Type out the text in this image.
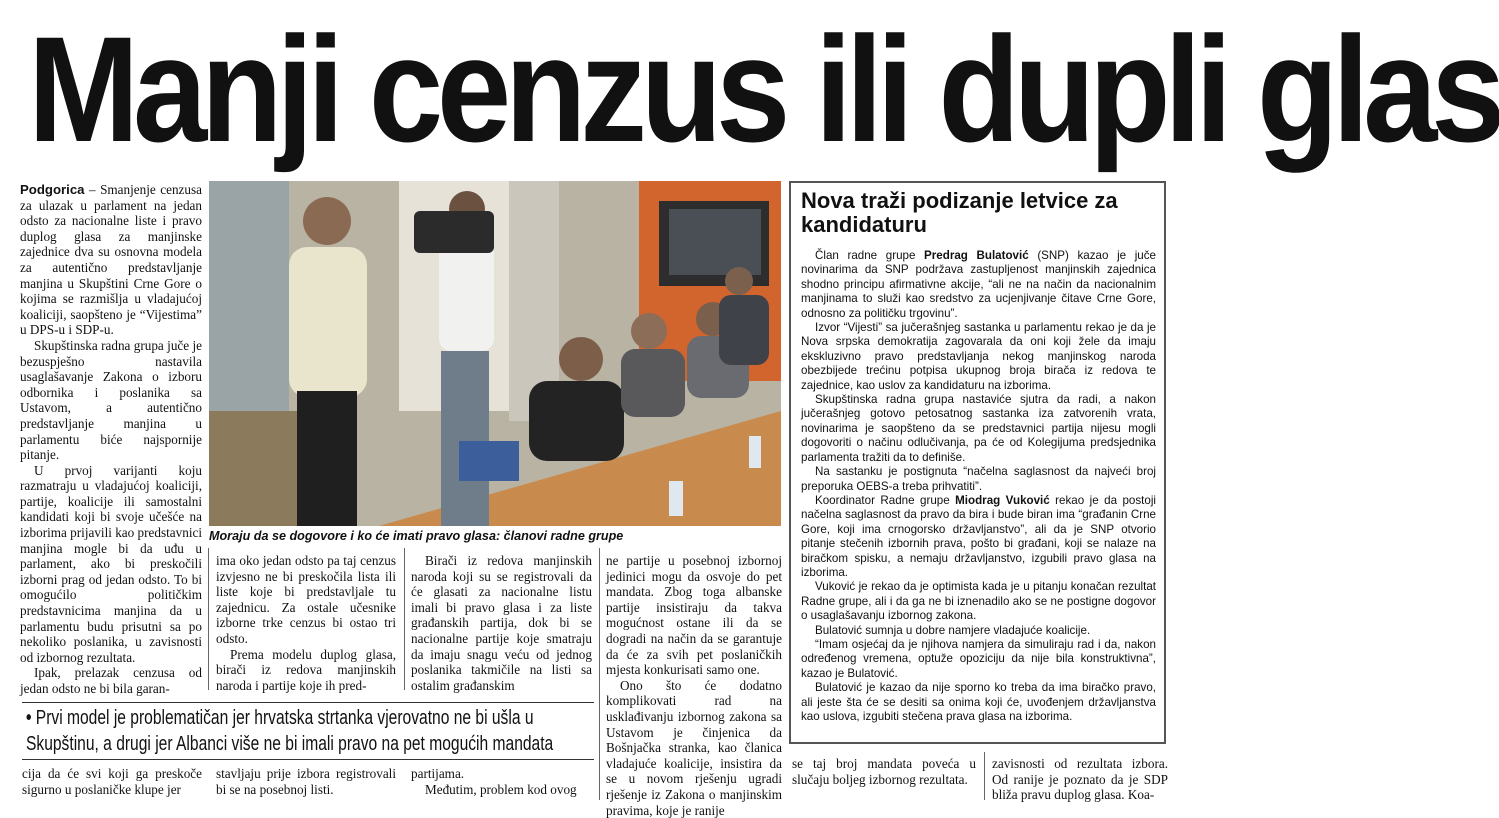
Manji cenzus ili dupli glas

Podgorica – Smanjenje cenzusa za ulazak u parlament na jedan odsto za nacionalne liste i pravo duplog glasa za manjinske zajednice dva su osnovna modela za autentično predstavljanje manjina u Skupštini Crne Gore o kojima se razmišlja u vladajućoj koaliciji, saopšteno je “Vijestima” u DPS-u i SDP-u.

Skupštinska radna grupa juče je bezuspješno nastavila usaglašavanje Zakona o izboru odbornika i poslanika sa Ustavom, a autentično predstavljanje manjina u parlamentu biće najspornije pitanje.

U prvoj varijanti koju razmatraju u vladajućoj koaliciji, partije, koalicije ili samostalni kandidati koji bi svoje učešće na izborima prijavili kao predstavnici manjina mogle bi da uđu u parlament, ako bi preskočili izborni prag od jedan odsto. To bi omogućilo političkim predstavnicima manjina da u parlamentu budu prisutni sa po nekoliko poslanika, u zavisnosti od izbornog rezultata.

Ipak, prelazak cenzusa od jedan odsto ne bi bila garan-

Moraju da se dogovore i ko će imati pravo glasa: članovi radne grupe

ima oko jedan odsto pa taj cenzus izvjesno ne bi preskočila lista ili liste koje bi predstavljale tu zajednicu. Za ostale učesnike izborne trke cenzus bi ostao tri odsto.

Prema modelu duplog glasa, birači iz redova manjinskih naroda i partije koje ih pred-

Birači iz redova manjinskih naroda koji su se registrovali da će glasati za nacionalne listu imali bi pravo glasa i za liste građanskih partija, dok bi se nacionalne partije koje smatraju da imaju snagu veću od jednog poslanika takmičile na listi sa ostalim građanskim

ne partije u posebnoj izbornoj jedinici mogu da osvoje do pet mandata. Zbog toga albanske partije insistiraju da takva mogućnost ostane ili da se dogradi na način da se garantuje da će za svih pet poslaničkih mjesta konkurisati samo one.

Ono što će dodatno komplikovati rad na usklađivanju izbornog zakona sa Ustavom je činjenica da Bošnjačka stranka, kao članica vladajuće koalicije, insistira da se u novom rješenju ugradi rješenje iz Zakona o manjinskim pravima, koje je ranije

• Prvi model je problematičan jer hrvatska strtanka vjerovatno ne bi ušla u
Skupštinu, a drugi jer Albanci više ne bi imali pravo na pet mogućih mandata

cija da će svi koji ga preskoče sigurno u poslaničke klupe jer

stavljaju prije izbora registrovali bi se na posebnoj listi.

partijama.

Međutim, problem kod ovog

se taj broj mandata poveća u slučaju boljeg izbornog rezultata.

zavisnosti od rezultata izbora. Od ranije je poznato da je SDP bliža pravu duplog glasa. Koa-

Nova traži podizanje letvice za kandidaturu

Član radne grupe Predrag Bulatović (SNP) kazao je juče novinarima da SNP podržava zastupljenost manjinskih zajednica shodno principu afirmativne akcije, “ali ne na način da nacionalnim manjinama to služi kao sredstvo za ucjenjivanje čitave Crne Gore, odnosno za političku trgovinu”.

Izvor “Vijesti” sa jučerašnjeg sastanka u parlamentu rekao je da je Nova srpska demokratija zagovarala da oni koji žele da imaju ekskluzivno pravo predstavljanja nekog manjinskog naroda obezbijede trećinu potpisa ukupnog broja birača iz redova te zajednice, kao uslov za kandidaturu na izborima.

Skupštinska radna grupa nastaviće sjutra da radi, a nakon jučerašnjeg gotovo petosatnog sastanka iza zatvorenih vrata, novinarima je saopšteno da se predstavnici partija nijesu mogli dogovoriti o načinu odlučivanja, pa će od Kolegijuma predsjednika parlamenta tražiti da to definiše.

Na sastanku je postignuta “načelna saglasnost da najveći broj preporuka OEBS-a treba prihvatiti”.

Koordinator Radne grupe Miodrag Vuković rekao je da postoji načelna saglasnost da pravo da bira i bude biran ima “građanin Crne Gore, koji ima crnogorsko državljanstvo”, ali da je SNP otvorio pitanje stečenih izbornih prava, pošto bi građani, koji se nalaze na biračkom spisku, a nemaju državljanstvo, izgubili pravo glasa na izborima.

Vuković je rekao da je optimista kada je u pitanju konačan rezultat Radne grupe, ali i da ga ne bi iznenadilo ako se ne postigne dogovor o usaglašavanju izbornog zakona.

Bulatović sumnja u dobre namjere vladajuće koalicije.

“Imam osjećaj da je njihova namjera da simuliraju rad i da, nakon određenog vremena, optuže opoziciju da nije bila konstruktivna”, kazao je Bulatović.

Bulatović je kazao da nije sporno ko treba da ima biračko pravo, ali jeste šta će se desiti sa onima koji će, uvođenjem državljanstva kao uslova, izgubiti stečena prava glasa na izborima.
